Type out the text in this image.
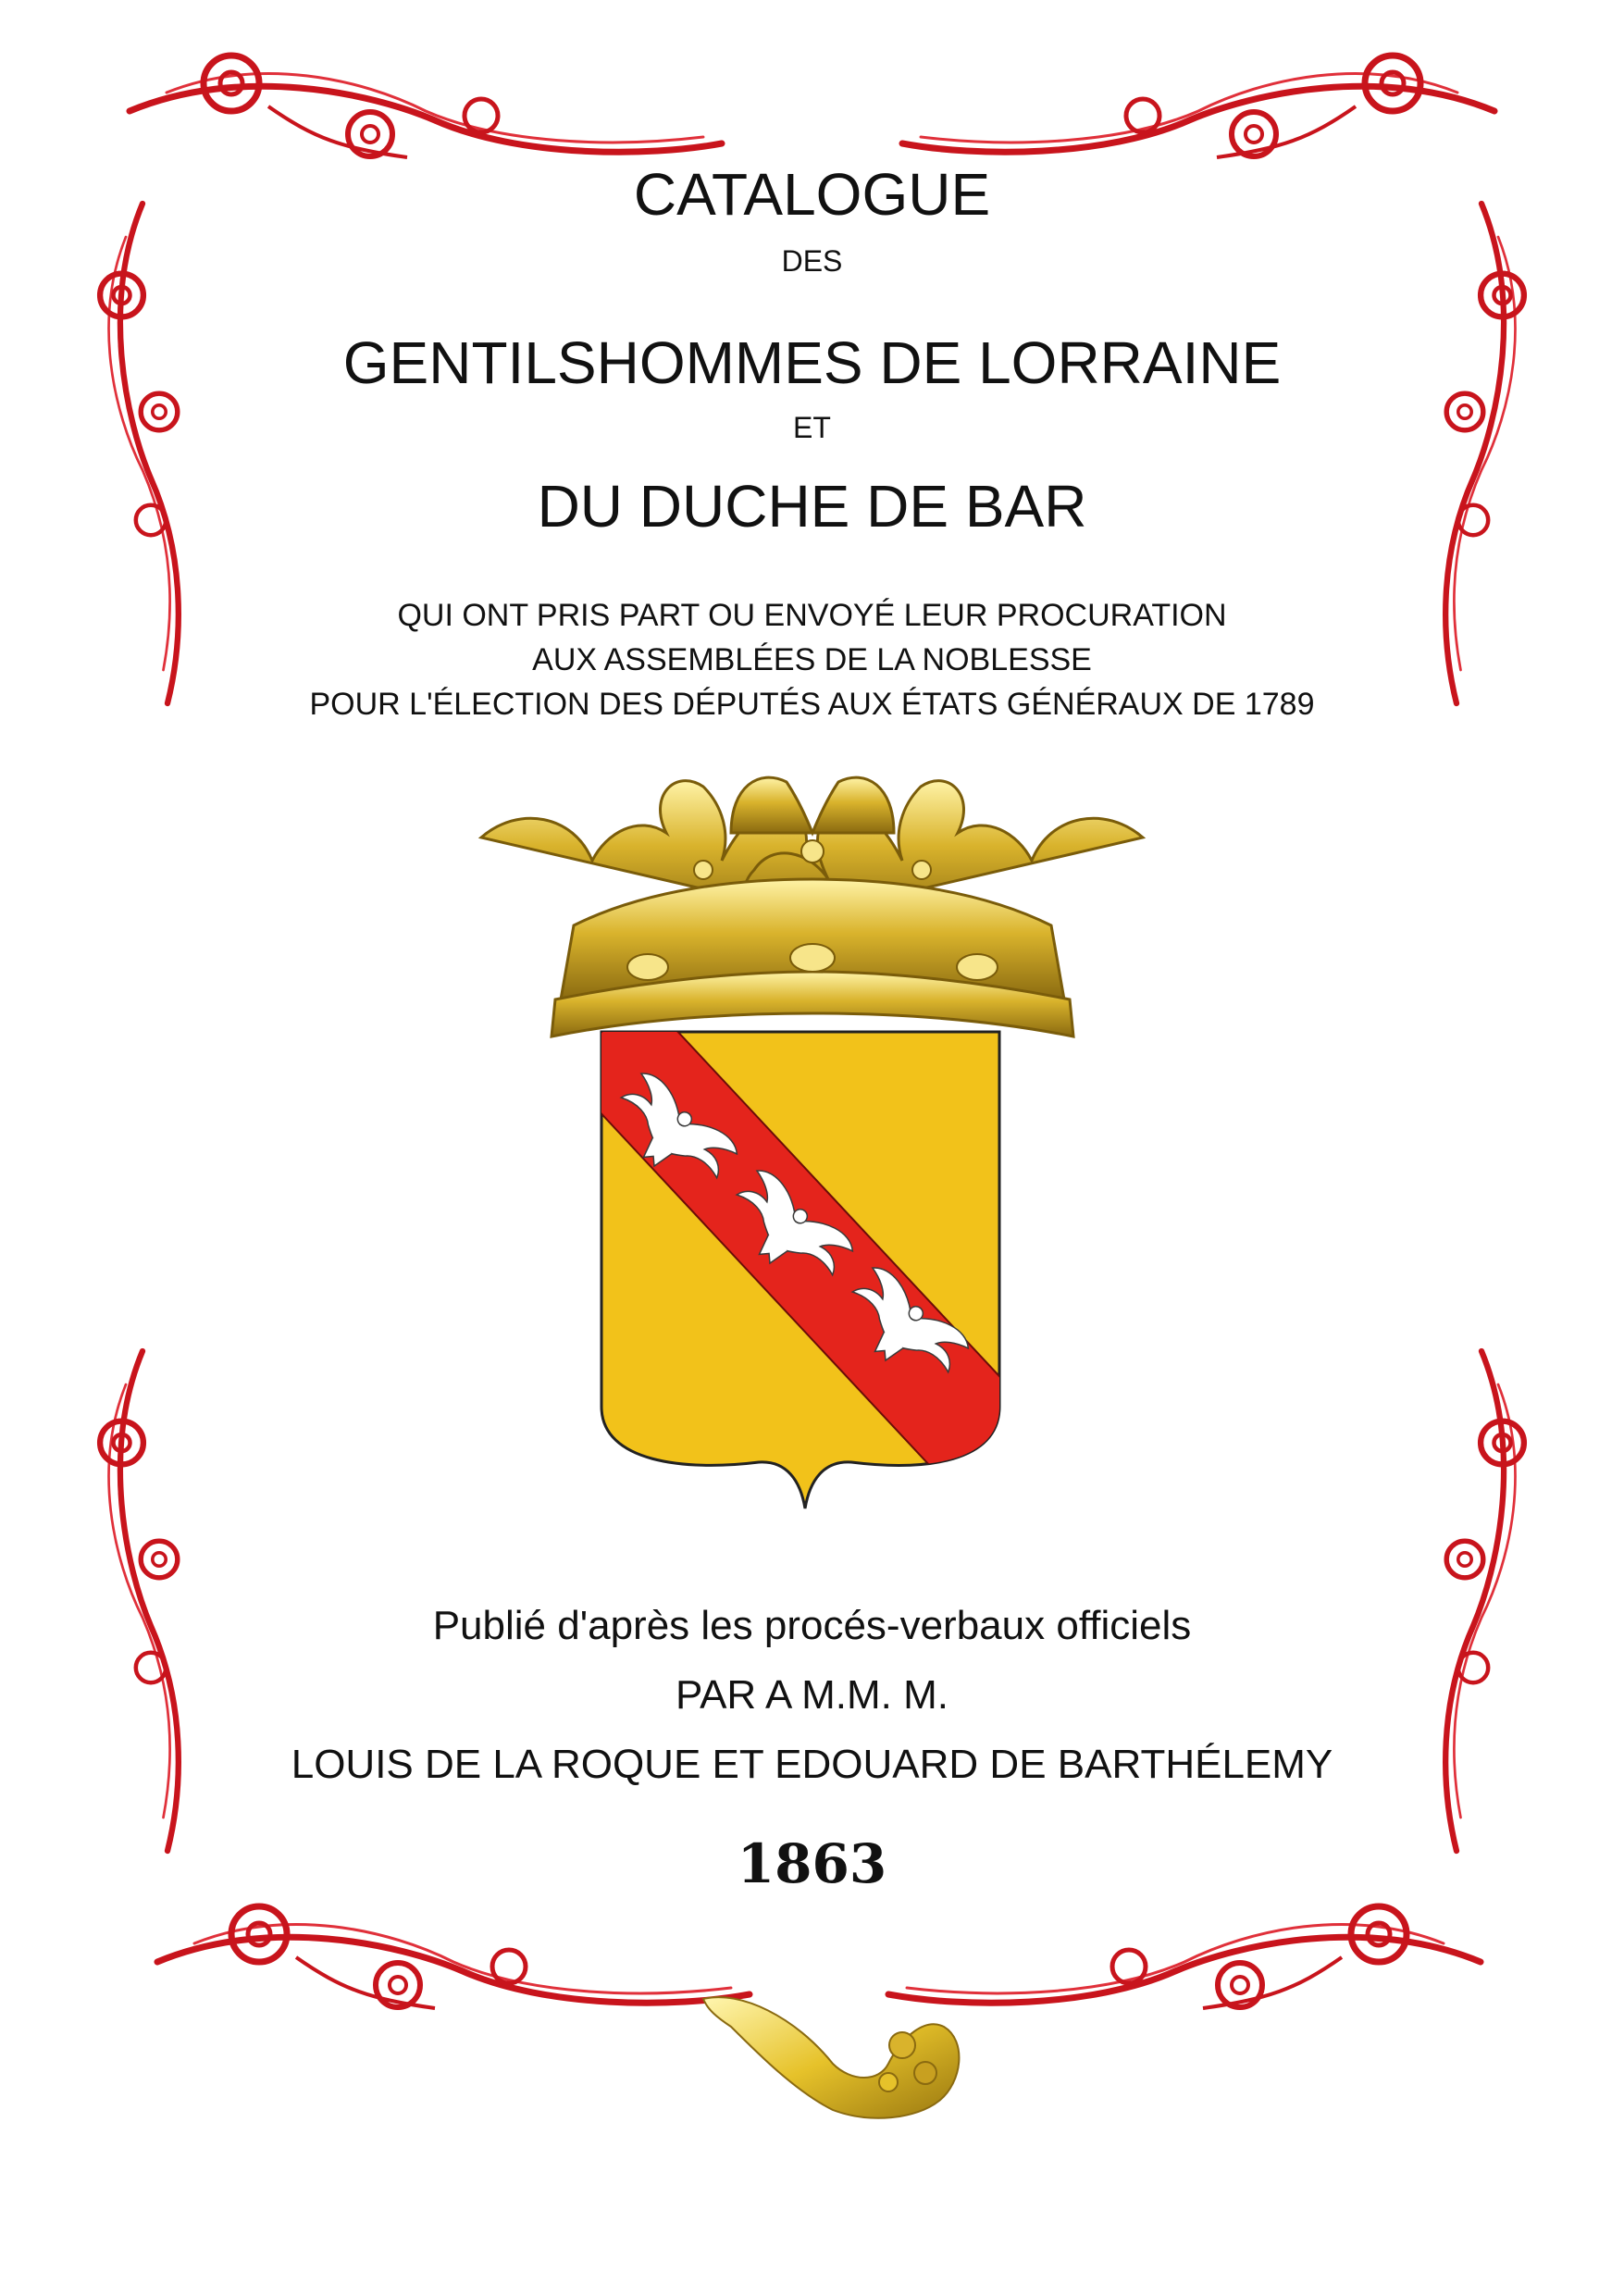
CATALOGUE
DES
GENTILSHOMMES DE LORRAINE
ET
DU DUCHE DE BAR
QUI ONT PRIS PART OU ENVOYÉ LEUR PROCURATION
AUX ASSEMBLÉES DE LA NOBLESSE
POUR L'ÉLECTION DES DÉPUTÉS AUX ÉTATS GÉNÉRAUX DE 1789
Publié d'après les procés-verbaux officiels
PAR A M.M. M.
LOUIS DE LA ROQUE ET EDOUARD DE BARTHÉLEMY
1863
